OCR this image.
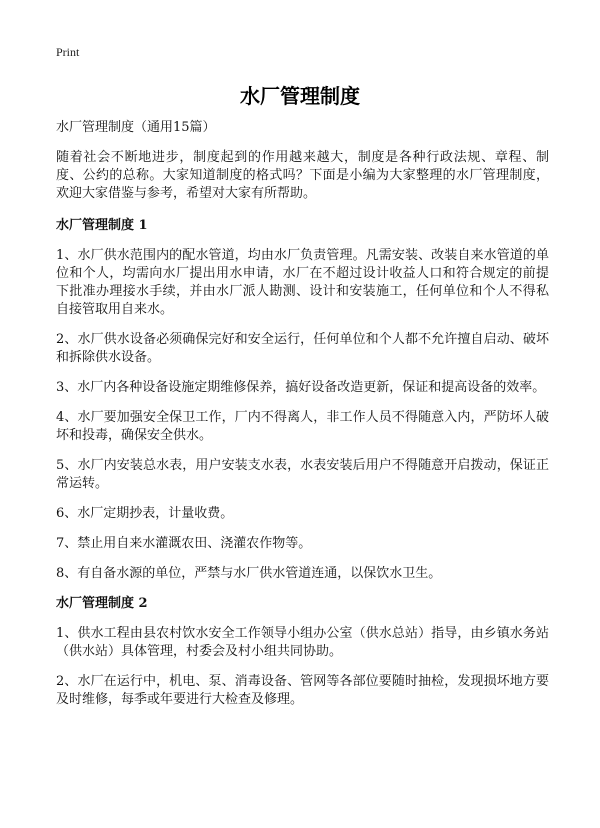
Print
水厂管理制度

水厂管理制度（通用15篇）

随着社会不断地进步，制度起到的作用越来越大，制度是各种行政法规、章程、制度、公约的总称。大家知道制度的格式吗？下面是小编为大家整理的水厂管理制度，欢迎大家借鉴与参考，希望对大家有所帮助。

水厂管理制度 1

1、水厂供水范围内的配水管道，均由水厂负责管理。凡需安装、改装自来水管道的单位和个人，均需向水厂提出用水申请，水厂在不超过设计收益人口和符合规定的前提下批准办理接水手续，并由水厂派人勘测、设计和安装施工，任何单位和个人不得私自接管取用自来水。

2、水厂供水设备必须确保完好和安全运行，任何单位和个人都不允许擅自启动、破坏和拆除供水设备。

3、水厂内各种设备设施定期维修保养，搞好设备改造更新，保证和提高设备的效率。

4、水厂要加强安全保卫工作，厂内不得离人，非工作人员不得随意入内，严防坏人破坏和投毒，确保安全供水。

5、水厂内安装总水表，用户安装支水表，水表安装后用户不得随意开启拨动，保证正常运转。

6、水厂定期抄表，计量收费。

7、禁止用自来水灌溉农田、浇灌农作物等。

8、有自备水源的单位，严禁与水厂供水管道连通，以保饮水卫生。

水厂管理制度 2

1、供水工程由县农村饮水安全工作领导小组办公室（供水总站）指导，由乡镇水务站（供水站）具体管理，村委会及村小组共同协助。

2、水厂在运行中，机电、泵、消毒设备、管网等各部位要随时抽检，发现损坏地方要及时维修，每季或年要进行大检查及修理。
